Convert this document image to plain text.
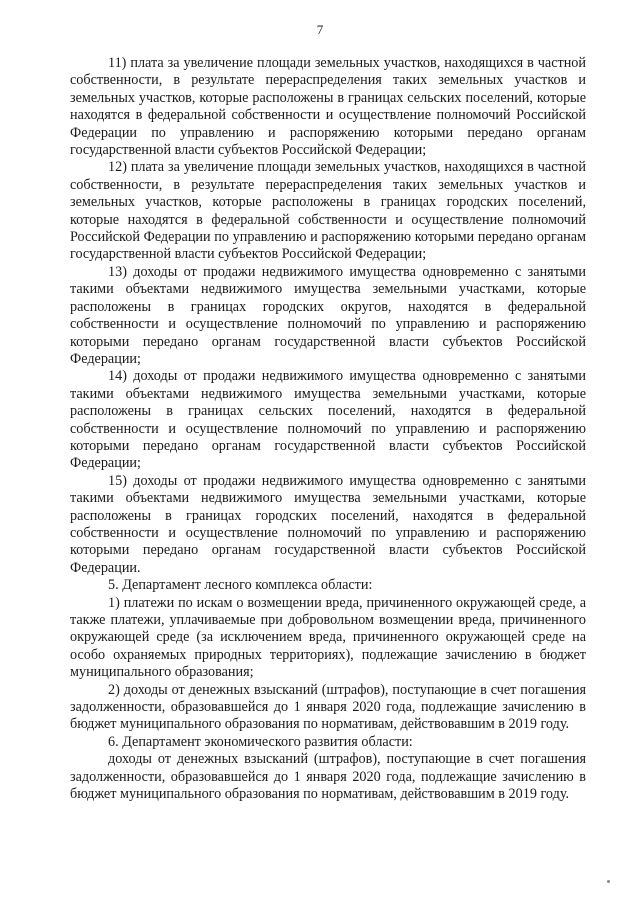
7

11) плата за увеличение площади земельных участков, находящихся в частной собственности, в результате перераспределения таких земельных участков и земельных участков, которые расположены в границах сельских поселений, которые находятся в федеральной собственности и осуществление полномочий Российской Федерации по управлению и распоряжению которыми передано органам государственной власти субъектов Российской Федерации;

12) плата за увеличение площади земельных участков, находящихся в частной собственности, в результате перераспределения таких земельных участков и земельных участков, которые расположены в границах городских поселений, которые находятся в федеральной собственности и осуществление полномочий Российской Федерации по управлению и распоряжению которыми передано органам государственной власти субъектов Российской Федерации;

13) доходы от продажи недвижимого имущества одновременно с занятыми такими объектами недвижимого имущества земельными участками, которые расположены в границах городских округов, находятся в федеральной собственности и осуществление полномочий по управлению и распоряжению которыми передано органам государственной власти субъектов Российской Федерации;

14) доходы от продажи недвижимого имущества одновременно с занятыми такими объектами недвижимого имущества земельными участками, которые расположены в границах сельских поселений, находятся в федеральной собственности и осуществление полномочий по управлению и распоряжению которыми передано органам государственной власти субъектов Российской Федерации;

15) доходы от продажи недвижимого имущества одновременно с занятыми такими объектами недвижимого имущества земельными участками, которые расположены в границах городских поселений, находятся в федеральной собственности и осуществление полномочий по управлению и распоряжению которыми передано органам государственной власти субъектов Российской Федерации.

5. Департамент лесного комплекса области:

1) платежи по искам о возмещении вреда, причиненного окружающей среде, а также платежи, уплачиваемые при добровольном возмещении вреда, причиненного окружающей среде (за исключением вреда, причиненного окружающей среде на особо охраняемых природных территориях), подлежащие зачислению в бюджет муниципального образования;

2) доходы от денежных взысканий (штрафов), поступающие в счет погашения задолженности, образовавшейся до 1 января 2020 года, подлежащие зачислению в бюджет муниципального образования по нормативам, действовавшим в 2019 году.

6. Департамент экономического развития области:

доходы от денежных взысканий (штрафов), поступающие в счет погашения задолженности, образовавшейся до 1 января 2020 года, подлежащие зачислению в бюджет муниципального образования по нормативам, действовавшим в 2019 году.
